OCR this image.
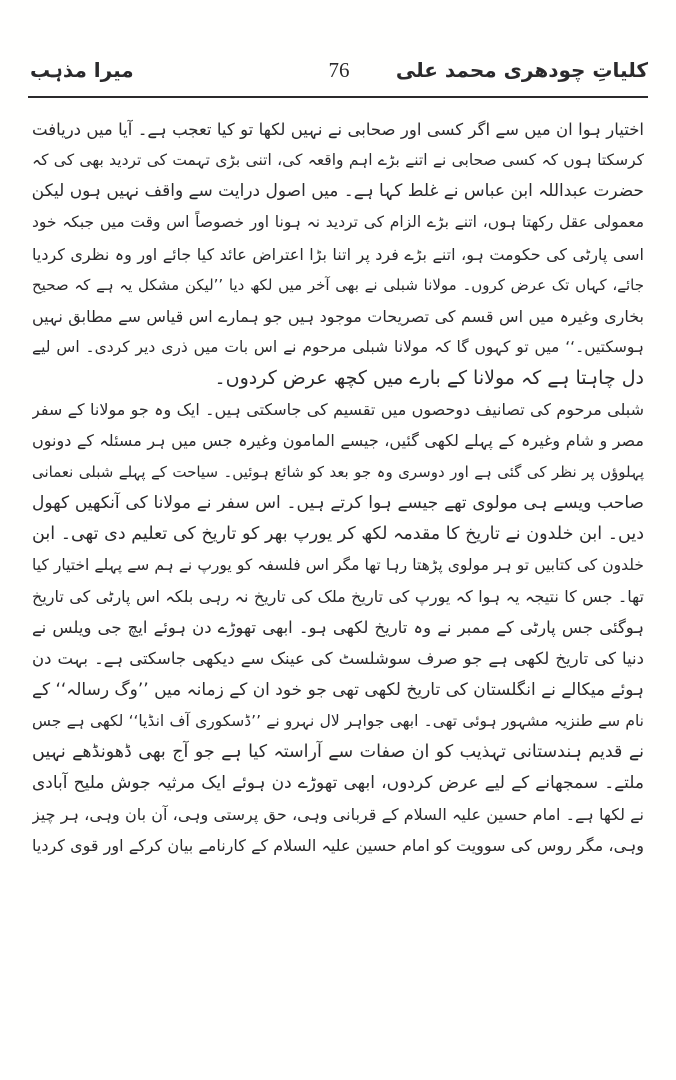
کلیاتِ چودھری محمد علی
76
میرا مذہب
اختیار ہوا ان میں سے اگر کسی اور صحابی نے نہیں لکھا تو کیا تعجب ہے۔ آیا میں دریافت
کرسکتا ہوں کہ کسی صحابی نے اتنے بڑے اہم واقعہ کی، اتنی بڑی تہمت کی تردید بھی کی کہ
حضرت عبداللہ ابن عباس نے غلط کہا ہے۔ میں اصول درایت سے واقف نہیں ہوں لیکن
معمولی عقل رکھتا ہوں، اتنے بڑے الزام کی تردید نہ ہونا اور خصوصاً اس وقت میں جبکہ خود
اسی پارٹی کی حکومت ہو، اتنے بڑے فرد پر اتنا بڑا اعتراض عائد کیا جائے اور وہ نظری کردیا
جائے، کہاں تک عرض کروں۔ مولانا شبلی نے بھی آخر میں لکھ دیا ’’لیکن مشکل یہ ہے کہ صحیح
بخاری وغیرہ میں اس قسم کی تصریحات موجود ہیں جو ہمارے اس قیاس سے مطابق نہیں
ہوسکتیں۔‘‘ میں تو کہوں گا کہ مولانا شبلی مرحوم نے اس بات میں ذری دیر کردی۔ اس لیے
دل چاہتا ہے کہ مولانا کے بارے میں کچھ عرض کردوں۔
شبلی مرحوم کی تصانیف دوحصوں میں تقسیم کی جاسکتی ہیں۔ ایک وہ جو مولانا کے سفر
مصر و شام وغیرہ کے پہلے لکھی گئیں، جیسے المامون وغیرہ جس میں ہر مسئلہ کے دونوں
پہلوؤں پر نظر کی گئی ہے اور دوسری وہ جو بعد کو شائع ہوئیں۔ سیاحت کے پہلے شبلی نعمانی
صاحب ویسے ہی مولوی تھے جیسے ہوا کرتے ہیں۔ اس سفر نے مولانا کی آنکھیں کھول
دیں۔ ابن خلدون نے تاریخ کا مقدمہ لکھ کر یورپ بھر کو تاریخ کی تعلیم دی تھی۔ ابن
خلدون کی کتابیں تو ہر مولوی پڑھتا رہا تھا مگر اس فلسفہ کو یورپ نے ہم سے پہلے اختیار کیا
تھا۔ جس کا نتیجہ یہ ہوا کہ یورپ کی تاریخ ملک کی تاریخ نہ رہی بلکہ اس پارٹی کی تاریخ
ہوگئی جس پارٹی کے ممبر نے وہ تاریخ لکھی ہو۔ ابھی تھوڑے دن ہوئے ایچ جی ویلس نے
دنیا کی تاریخ لکھی ہے جو صرف سوشلسٹ کی عینک سے دیکھی جاسکتی ہے۔ بہت دن
ہوئے میکالے نے انگلستان کی تاریخ لکھی تھی جو خود ان کے زمانہ میں ’’وگ رسالہ‘‘ کے
نام سے طنزیہ مشہور ہوئی تھی۔ ابھی جواہر لال نہرو نے ’’ڈسکوری آف انڈیا‘‘ لکھی ہے جس
نے قدیم ہندستانی تہذیب کو ان صفات سے آراستہ کیا ہے جو آج بھی ڈھونڈھے نہیں
ملتے۔ سمجھانے کے لیے عرض کردوں، ابھی تھوڑے دن ہوئے ایک مرثیہ جوش ملیح آبادی
نے لکھا ہے۔ امام حسین علیہ السلام کے قربانی وہی، حق پرستی وہی، آن بان وہی، ہر چیز
وہی، مگر روس کی سوویت کو امام حسین علیہ السلام کے کارنامے بیان کرکے اور قوی کردیا
